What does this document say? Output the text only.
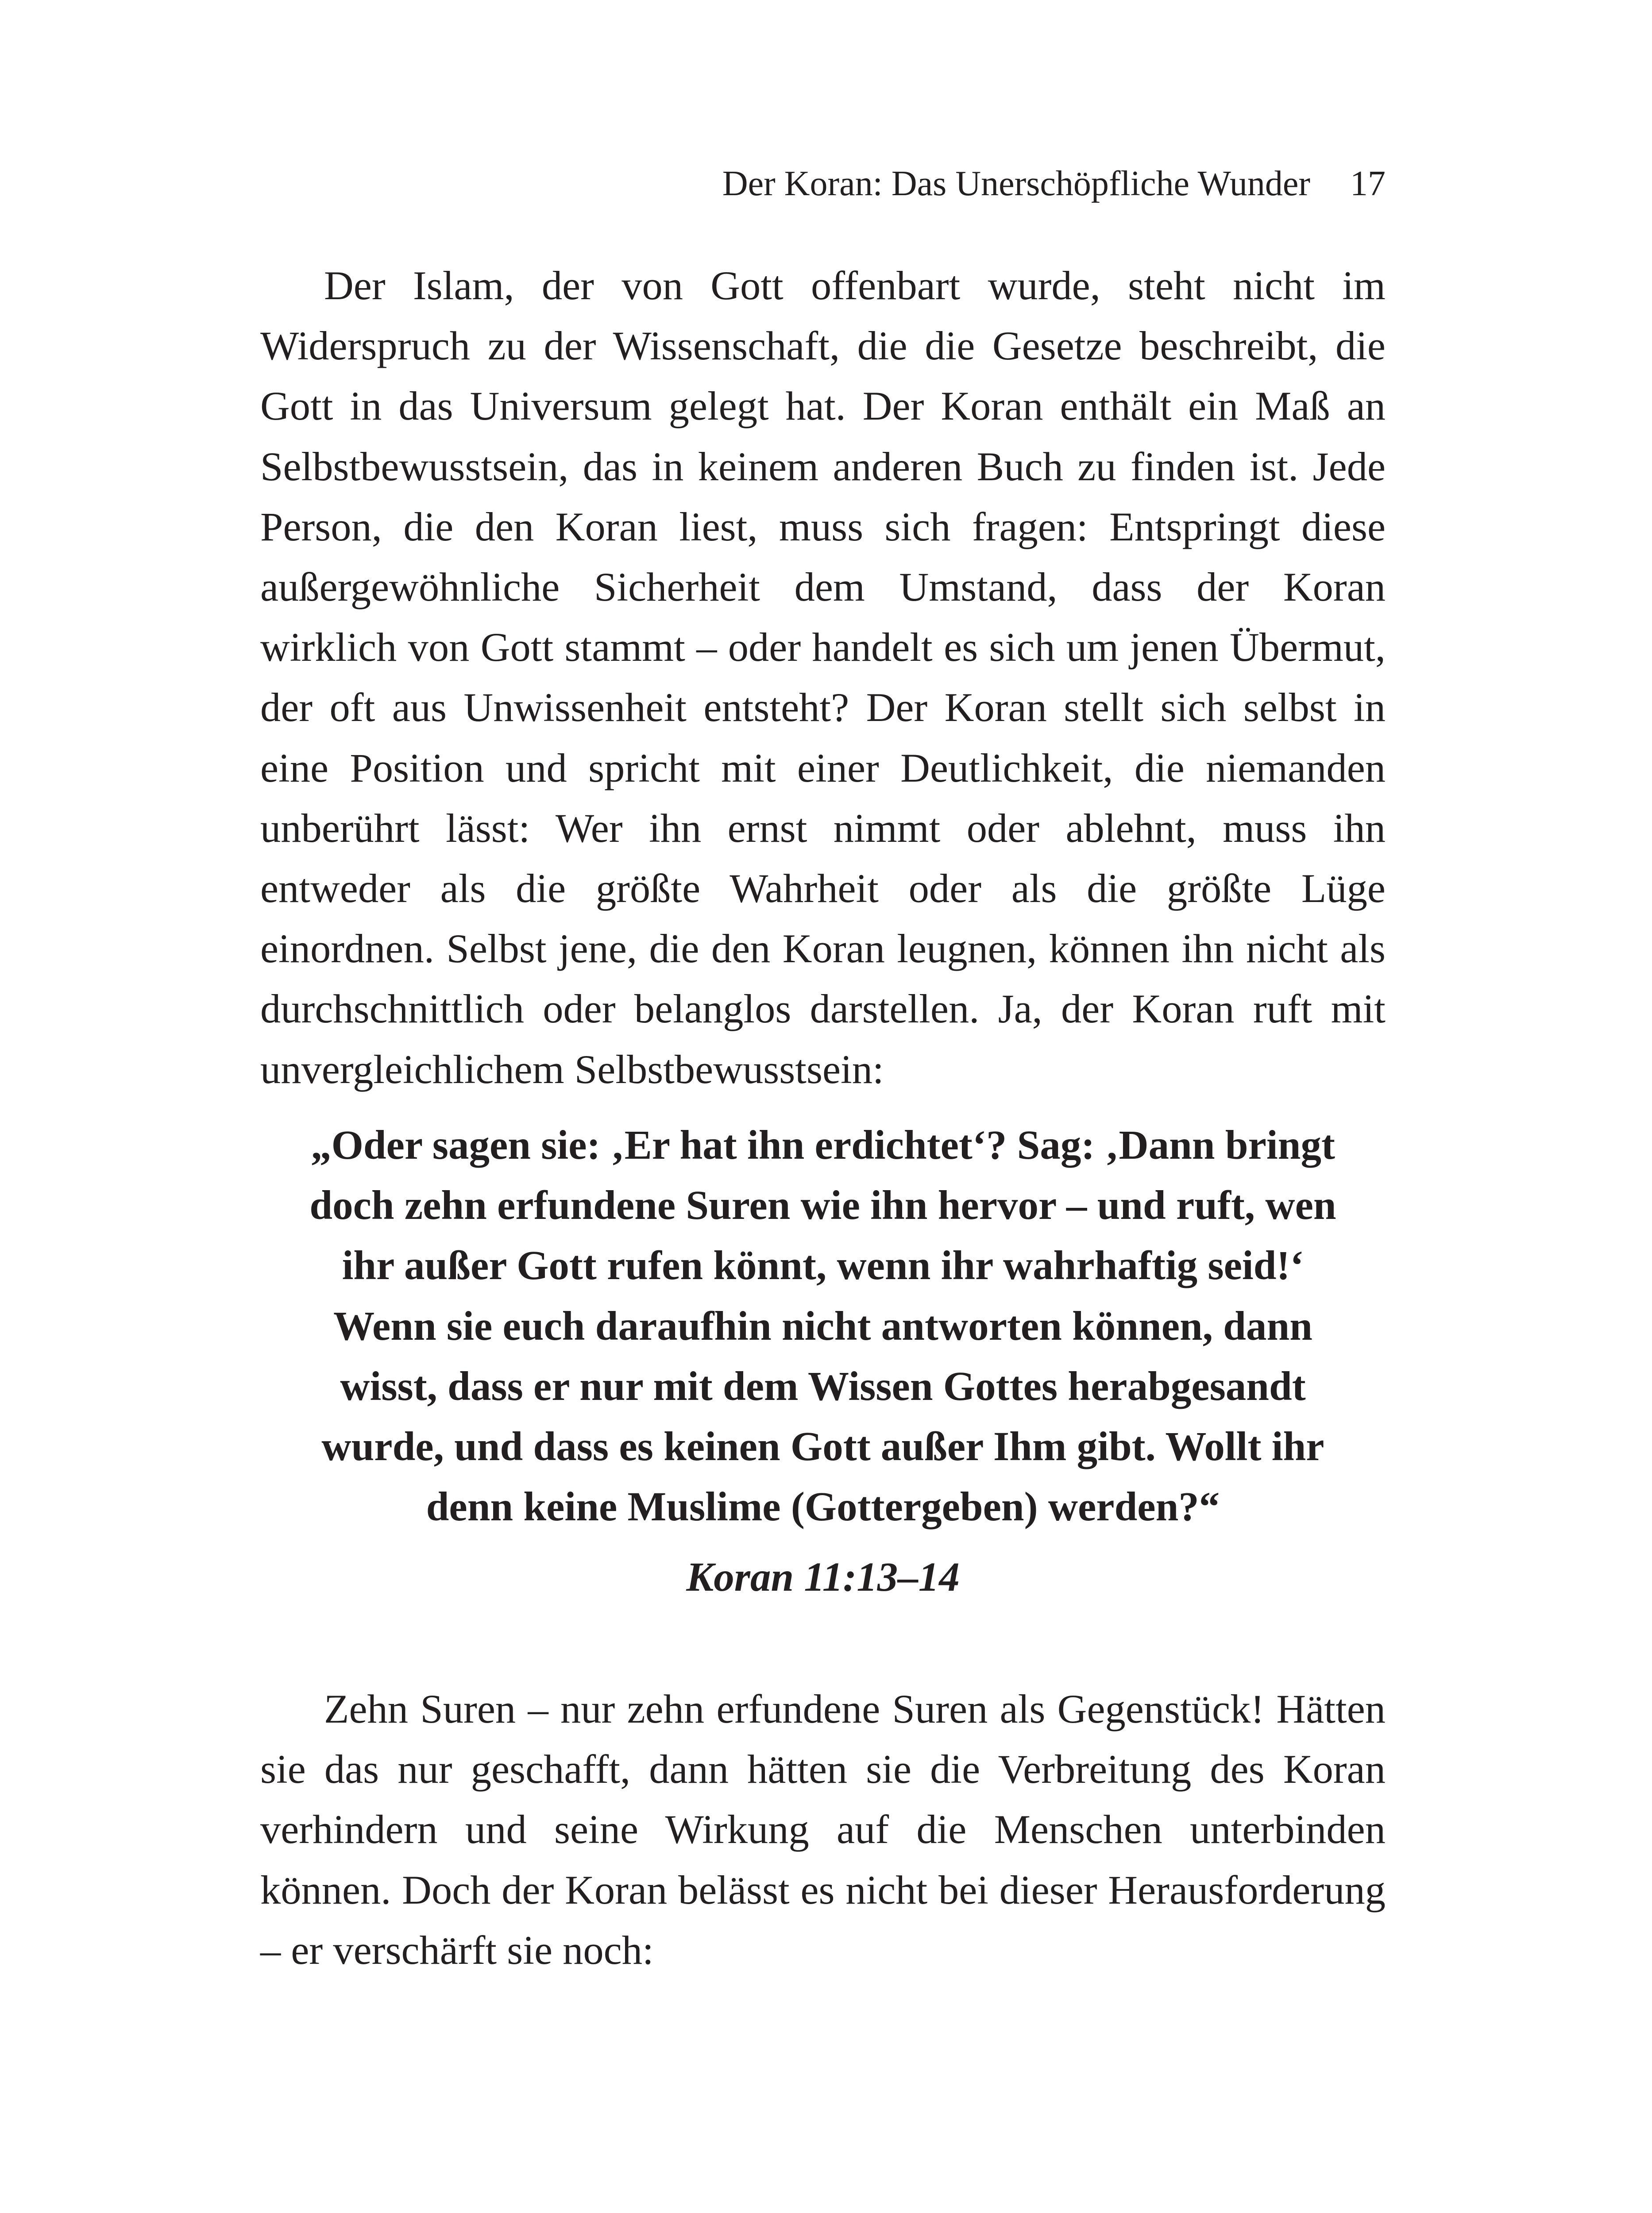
Der Koran: Das Unerschöpfliche Wunder 17

Der Islam, der von Gott offenbart wurde, steht nicht im Widerspruch zu der Wissenschaft, die die Gesetze beschreibt, die Gott in das Universum gelegt hat. Der Koran enthält ein Maß an Selbstbewusstsein, das in keinem anderen Buch zu finden ist. Jede Person, die den Koran liest, muss sich fragen: Entspringt diese außergewöhnliche Sicherheit dem Umstand, dass der Koran wirklich von Gott stammt – oder handelt es sich um jenen Übermut, der oft aus Unwissenheit entsteht? Der Koran stellt sich selbst in eine Position und spricht mit einer Deutlichkeit, die niemanden unberührt lässt: Wer ihn ernst nimmt oder ablehnt, muss ihn entweder als die größte Wahrheit oder als die größte Lüge einordnen. Selbst jene, die den Koran leugnen, können ihn nicht als durchschnittlich oder belanglos darstellen. Ja, der Koran ruft mit unvergleichlichem Selbstbewusstsein:

„Oder sagen sie: ‚Er hat ihn erdichtet‘? Sag: ‚Dann bringt
doch zehn erfundene Suren wie ihn hervor – und ruft, wen
ihr außer Gott rufen könnt, wenn ihr wahrhaftig seid!‘
Wenn sie euch daraufhin nicht antworten können, dann
wisst, dass er nur mit dem Wissen Gottes herabgesandt
wurde, und dass es keinen Gott außer Ihm gibt. Wollt ihr
denn keine Muslime (Gottergeben) werden?“
Koran 11:13–14

Zehn Suren – nur zehn erfundene Suren als Gegenstück! Hätten sie das nur geschafft, dann hätten sie die Verbreitung des Koran verhindern und seine Wirkung auf die Menschen unterbinden können. Doch der Koran belässt es nicht bei dieser Herausforderung – er verschärft sie noch:
